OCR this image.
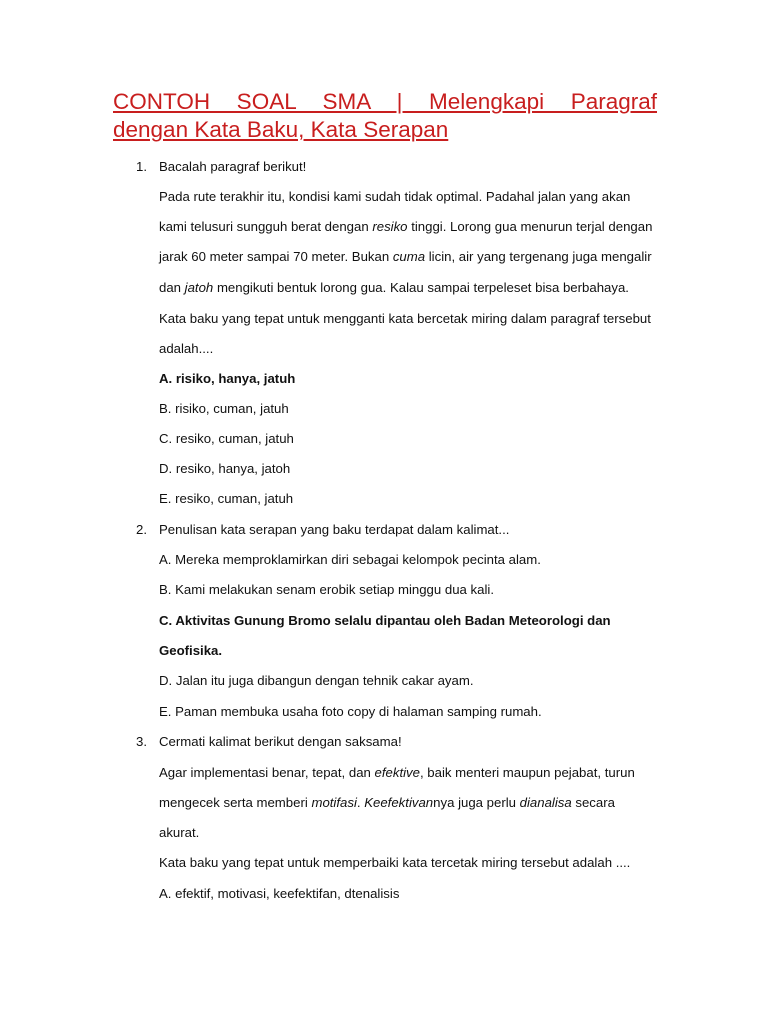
CONTOH SOAL SMA | Melengkapi Paragraf
dengan Kata Baku, Kata Serapan
1. Bacalah paragraf berikut!
Pada rute terakhir itu, kondisi kami sudah tidak optimal. Padahal jalan yang akan
kami telusuri sungguh berat dengan resiko tinggi. Lorong gua menurun terjal dengan
jarak 60 meter sampai 70 meter. Bukan cuma licin, air yang tergenang juga mengalir
dan jatoh mengikuti bentuk lorong gua. Kalau sampai terpeleset bisa berbahaya.
Kata baku yang tepat untuk mengganti kata bercetak miring dalam paragraf tersebut
adalah....
A. risiko, hanya, jatuh
B. risiko, cuman, jatuh
C. resiko, cuman, jatuh
D. resiko, hanya, jatoh
E. resiko, cuman, jatuh
2. Penulisan kata serapan yang baku terdapat dalam kalimat...
A. Mereka memproklamirkan diri sebagai kelompok pecinta alam.
B. Kami melakukan senam erobik setiap minggu dua kali.
C. Aktivitas Gunung Bromo selalu dipantau oleh Badan Meteorologi dan
Geofisika.
D. Jalan itu juga dibangun dengan tehnik cakar ayam.
E. Paman membuka usaha foto copy di halaman samping rumah.
3. Cermati kalimat berikut dengan saksama!
Agar implementasi benar, tepat, dan efektive, baik menteri maupun pejabat, turun
mengecek serta memberi motifasi. Keefektivannya juga perlu dianalisa secara
akurat.
Kata baku yang tepat untuk memperbaiki kata tercetak miring tersebut adalah ....
A. efektif, motivasi, keefektifan, dtenalisis
